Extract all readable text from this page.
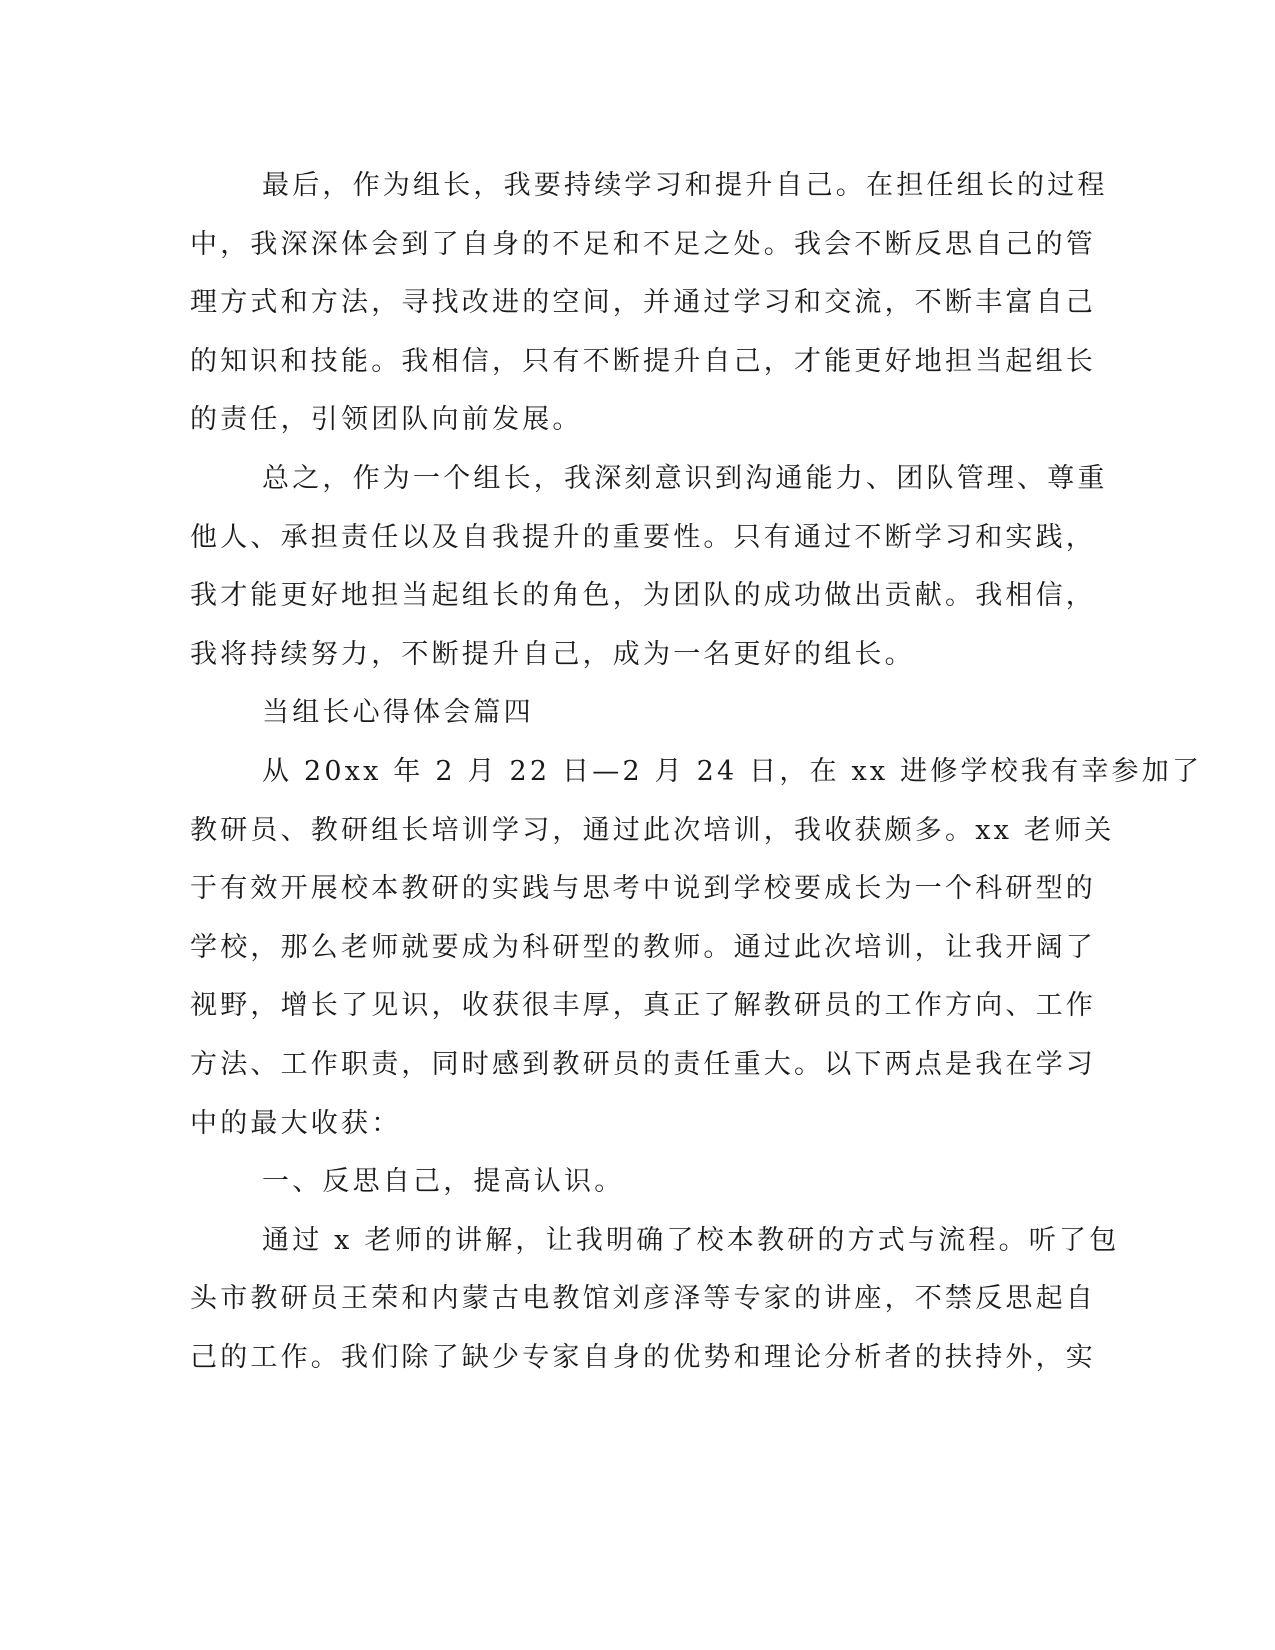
最后，作为组长，我要持续学习和提升自己。在担任组长的过程
中，我深深体会到了自身的不足和不足之处。我会不断反思自己的管
理方式和方法，寻找改进的空间，并通过学习和交流，不断丰富自己
的知识和技能。我相信，只有不断提升自己，才能更好地担当起组长
的责任，引领团队向前发展。
总之，作为一个组长，我深刻意识到沟通能力、团队管理、尊重
他人、承担责任以及自我提升的重要性。只有通过不断学习和实践，
我才能更好地担当起组长的角色，为团队的成功做出贡献。我相信，
我将持续努力，不断提升自己，成为一名更好的组长。
当组长心得体会篇四
从 20xx 年 2 月 22 日—2 月 24 日，在 xx 进修学校我有幸参加了
教研员、教研组长培训学习，通过此次培训，我收获颇多。xx 老师关
于有效开展校本教研的实践与思考中说到学校要成长为一个科研型的
学校，那么老师就要成为科研型的教师。通过此次培训，让我开阔了
视野，增长了见识，收获很丰厚，真正了解教研员的工作方向、工作
方法、工作职责，同时感到教研员的责任重大。以下两点是我在学习
中的最大收获：
一、反思自己，提高认识。
通过 x 老师的讲解，让我明确了校本教研的方式与流程。听了包
头市教研员王荣和内蒙古电教馆刘彦泽等专家的讲座，不禁反思起自
己的工作。我们除了缺少专家自身的优势和理论分析者的扶持外，实
